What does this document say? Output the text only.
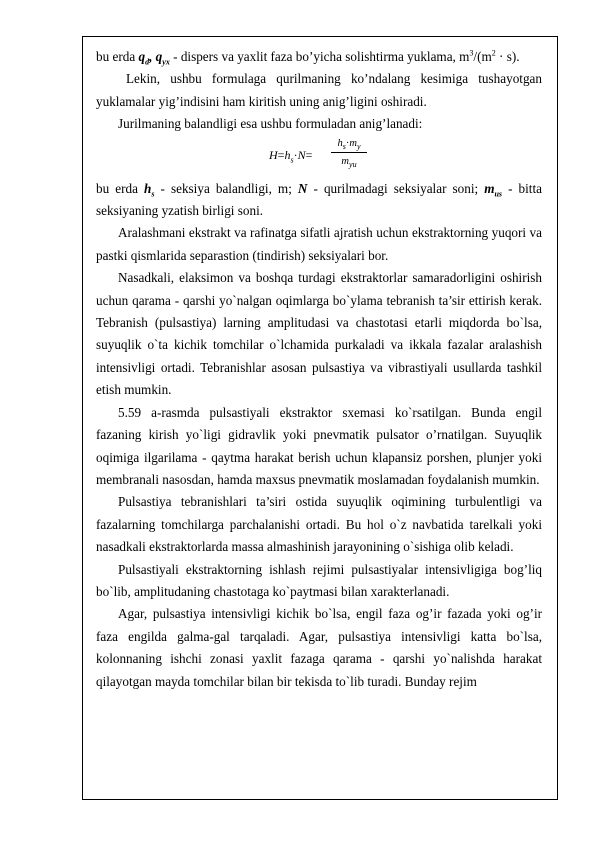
bu erda $q_d$, $q_{yx}$ - dispers va yaxlit faza bo’yicha solishtirma yuklama, $m^3/(m^2 \cdot s)$.

Lekin, ushbu formulaga qurilmaning ko’ndalang kesimiga tushayotgan yuklamalar yig’indisini ham kiritish uning anig’ligini oshiradi.

Jurilmaning balandligi esa ushbu formuladan anig’lanadi:

$H=h_s\cdot N=$
$h_s\cdot m_y$
$m_{yu}$

bu erda $h_s$ - seksiya balandligi, m; N - qurilmadagi seksiyalar soni; $m_{us}$ - bitta seksiyaning yzatish birligi soni.

Aralashmani ekstrakt va rafinatga sifatli ajratish uchun ekstraktorning yuqori va pastki qismlarida separastion (tindirish) seksiyalari bor.

Nasadkali, elaksimon va boshqa turdagi ekstraktorlar samaradorligini oshirish uchun qarama - qarshi yo`nalgan oqimlarga bo`ylama tebranish ta’sir ettirish kerak. Tebranish (pulsastiya) larning amplitudasi va chastotasi etarli miqdorda bo`lsa, suyuqlik o`ta kichik tomchilar o`lchamida purkaladi va ikkala fazalar aralashish intensivligi ortadi. Tebranishlar asosan pulsastiya va vibrastiyali usullarda tashkil etish mumkin.

5.59 a-rasmda pulsastiyali ekstraktor sxemasi ko`rsatilgan. Bunda engil fazaning kirish yo`ligi gidravlik yoki pnevmatik pulsator o’rnatilgan. Suyuqlik oqimiga ilgarilama - qaytma harakat berish uchun klapansiz porshen, plunjer yoki membranali nasosdan, hamda maxsus pnevmatik moslamadan foydalanish mumkin.

Pulsastiya tebranishlari ta’siri ostida suyuqlik oqimining turbulentligi va fazalarning tomchilarga parchalanishi ortadi. Bu hol o`z navbatida tarelkali yoki nasadkali ekstraktorlarda massa almashinish jarayonining o`sishiga olib keladi.

Pulsastiyali ekstraktorning ishlash rejimi pulsastiyalar intensivligiga bog’liq bo`lib, amplitudaning chastotaga ko`paytmasi bilan xarakterlanadi.

Agar, pulsastiya intensivligi kichik bo`lsa, engil faza og’ir fazada yoki og’ir faza engilda galma-gal tarqaladi. Agar, pulsastiya intensivligi katta bo`lsa, kolonnaning ishchi zonasi yaxlit fazaga qarama - qarshi yo`nalishda harakat qilayotgan mayda tomchilar bilan bir tekisda to`lib turadi. Bunday rejim
